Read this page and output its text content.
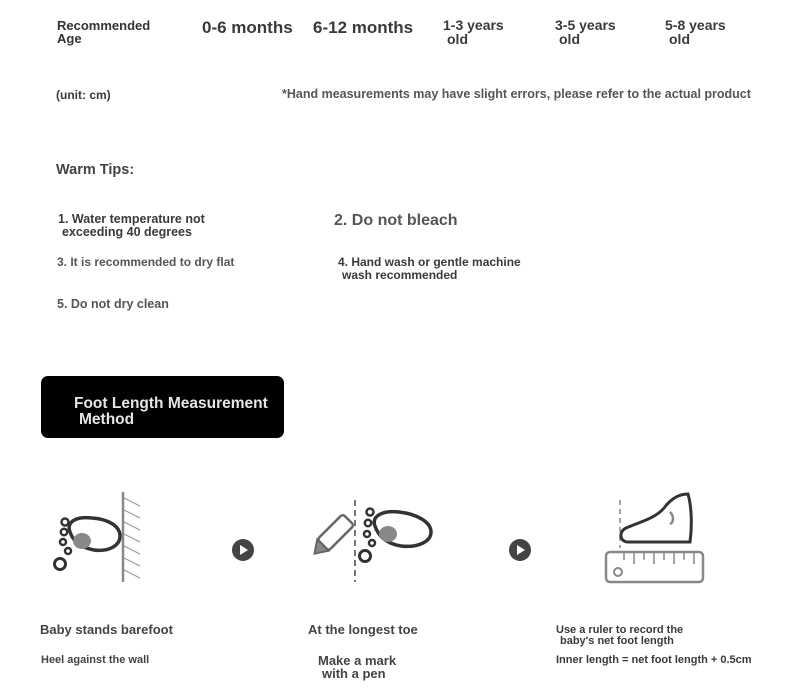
Recommended
Age
0-6 months 6-12 months 1-3 years
old
3-5 years
old
5-8 years
old
(unit: cm)	*Hand measurements may have slight errors, please refer to the actual product
Warm Tips:
1. Water temperature not
exceeding 40 degrees
2. Do not bleach
3. It is recommended to dry flat	4. Hand wash or gentle machine
wash recommended
5. Do not dry clean
Foot Length Measurement
Method
Baby stands barefoot
Heel against the wall
At the longest toe
Make a mark
with a pen
Use a ruler to record the
baby's net foot length
Inner length = net foot length + 0.5cm
